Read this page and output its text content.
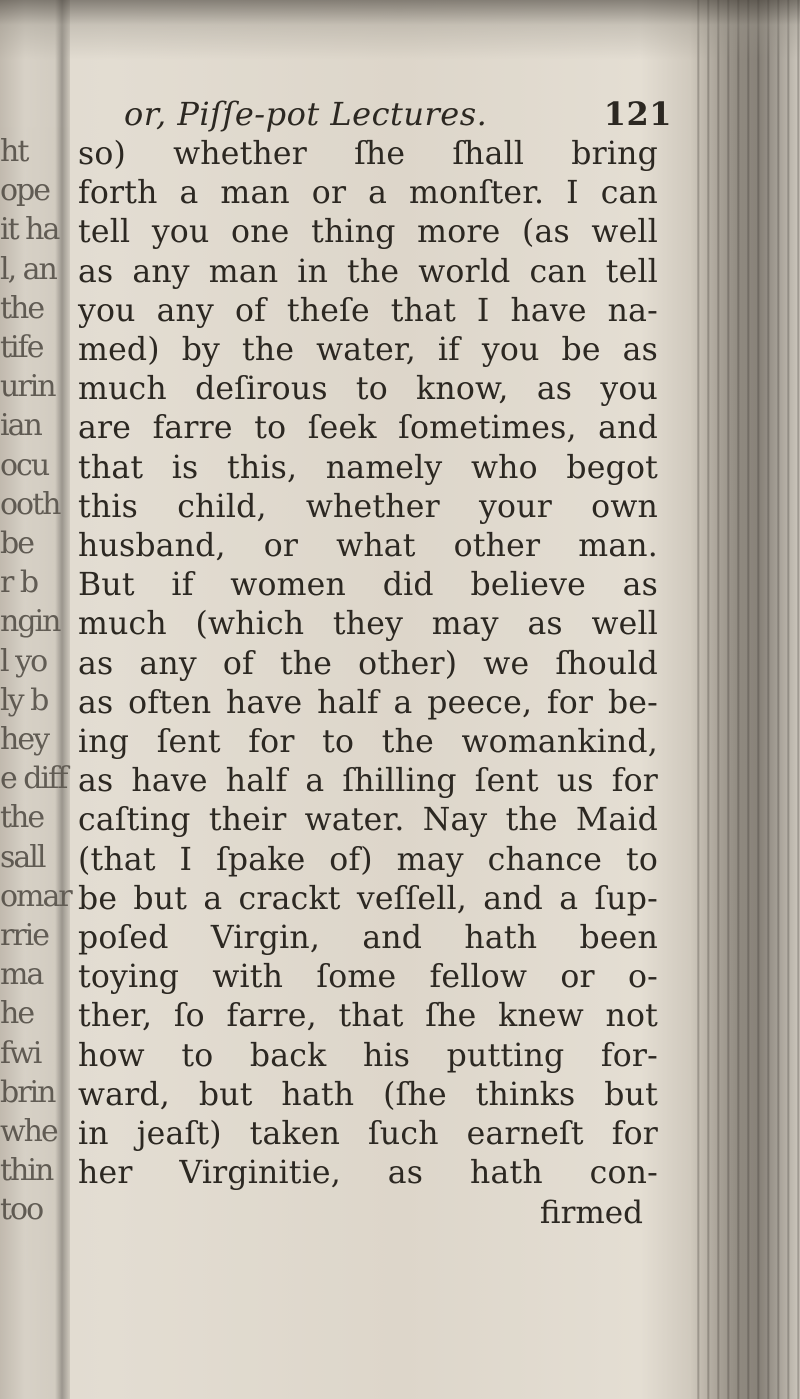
ht
ope
it ha
l, an
the
tife
urin
ian
ocu
ooth
be
r b
ngin
l yo
ly b
hey
e diff
the
sall
omar
rrie
ma
he
fwi
brin
whe
thin
too
or, Piſſe-pot Lectures.	121
so) whether ſhe ſhall bring
forth a man or a monſter. I can
tell you one thing more (as well
as any man in the world can tell
you any of theſe that I have na-
med) by the water, if you be as
much deſirous to know, as you
are farre to ſeek ſometimes, and
that is this, namely who begot
this child, whether your own
husband, or what other man.
But if women did believe as
much (which they may as well
as any of the other) we ſhould
as often have half a peece, for be-
ing ſent for to the womankind,
as have half a ſhilling ſent us for
caſting their water. Nay the Maid
(that I ſpake of) may chance to
be but a crackt veſſell, and a ſup-
poſed Virgin, and hath been
toying with ſome fellow or o-
ther, ſo farre, that ſhe knew not
how to back his putting for-
ward, but hath (ſhe thinks but
in jeaſt) taken ſuch earneſt for
her Virginitie, as hath con-
firmed
